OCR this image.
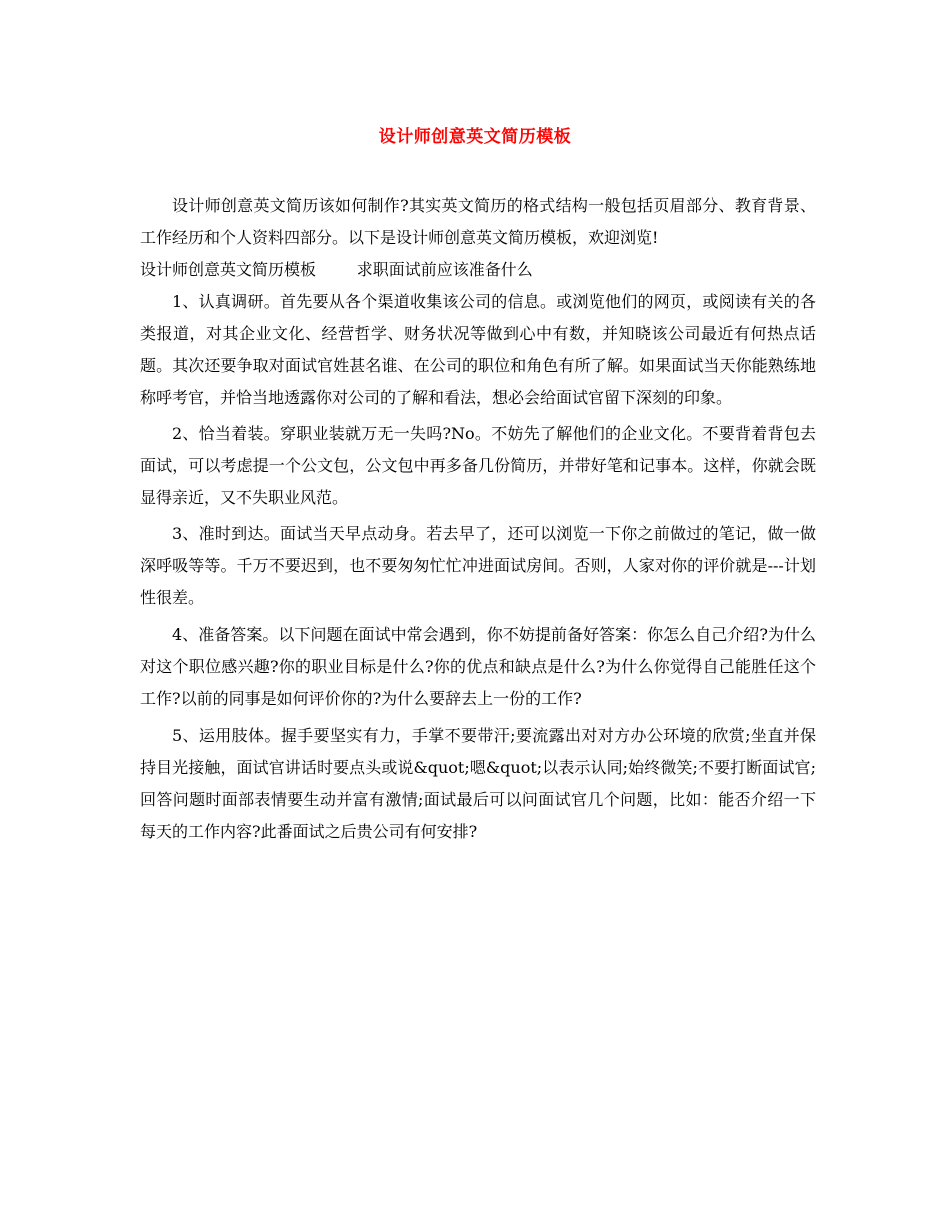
设计师创意英文简历模板

设计师创意英文简历该如何制作?其实英文简历的格式结构一般包括页眉部分、教育背景、工作经历和个人资料四部分。以下是设计师创意英文简历模板，欢迎浏览!

设计师创意英文简历模板        求职面试前应该准备什么

1、认真调研。首先要从各个渠道收集该公司的信息。或浏览他们的网页，或阅读有关的各类报道，对其企业文化、经营哲学、财务状况等做到心中有数，并知晓该公司最近有何热点话题。其次还要争取对面试官姓甚名谁、在公司的职位和角色有所了解。如果面试当天你能熟练地称呼考官，并恰当地透露你对公司的了解和看法，想必会给面试官留下深刻的印象。

2、恰当着装。穿职业装就万无一失吗?No。不妨先了解他们的企业文化。不要背着背包去面试，可以考虑提一个公文包，公文包中再多备几份简历，并带好笔和记事本。这样，你就会既显得亲近，又不失职业风范。

3、准时到达。面试当天早点动身。若去早了，还可以浏览一下你之前做过的笔记，做一做深呼吸等等。千万不要迟到，也不要匆匆忙忙冲进面试房间。否则，人家对你的评价就是---计划性很差。

4、准备答案。以下问题在面试中常会遇到，你不妨提前备好答案：你怎么自己介绍?为什么对这个职位感兴趣?你的职业目标是什么?你的优点和缺点是什么?为什么你觉得自己能胜任这个工作?以前的同事是如何评价你的?为什么要辞去上一份的工作?

5、运用肢体。握手要坚实有力，手掌不要带汗;要流露出对对方办公环境的欣赏;坐直并保持目光接触，面试官讲话时要点头或说&quot;嗯&quot;以表示认同;始终微笑;不要打断面试官;回答问题时面部表情要生动并富有激情;面试最后可以问面试官几个问题，比如：能否介绍一下每天的工作内容?此番面试之后贵公司有何安排?
